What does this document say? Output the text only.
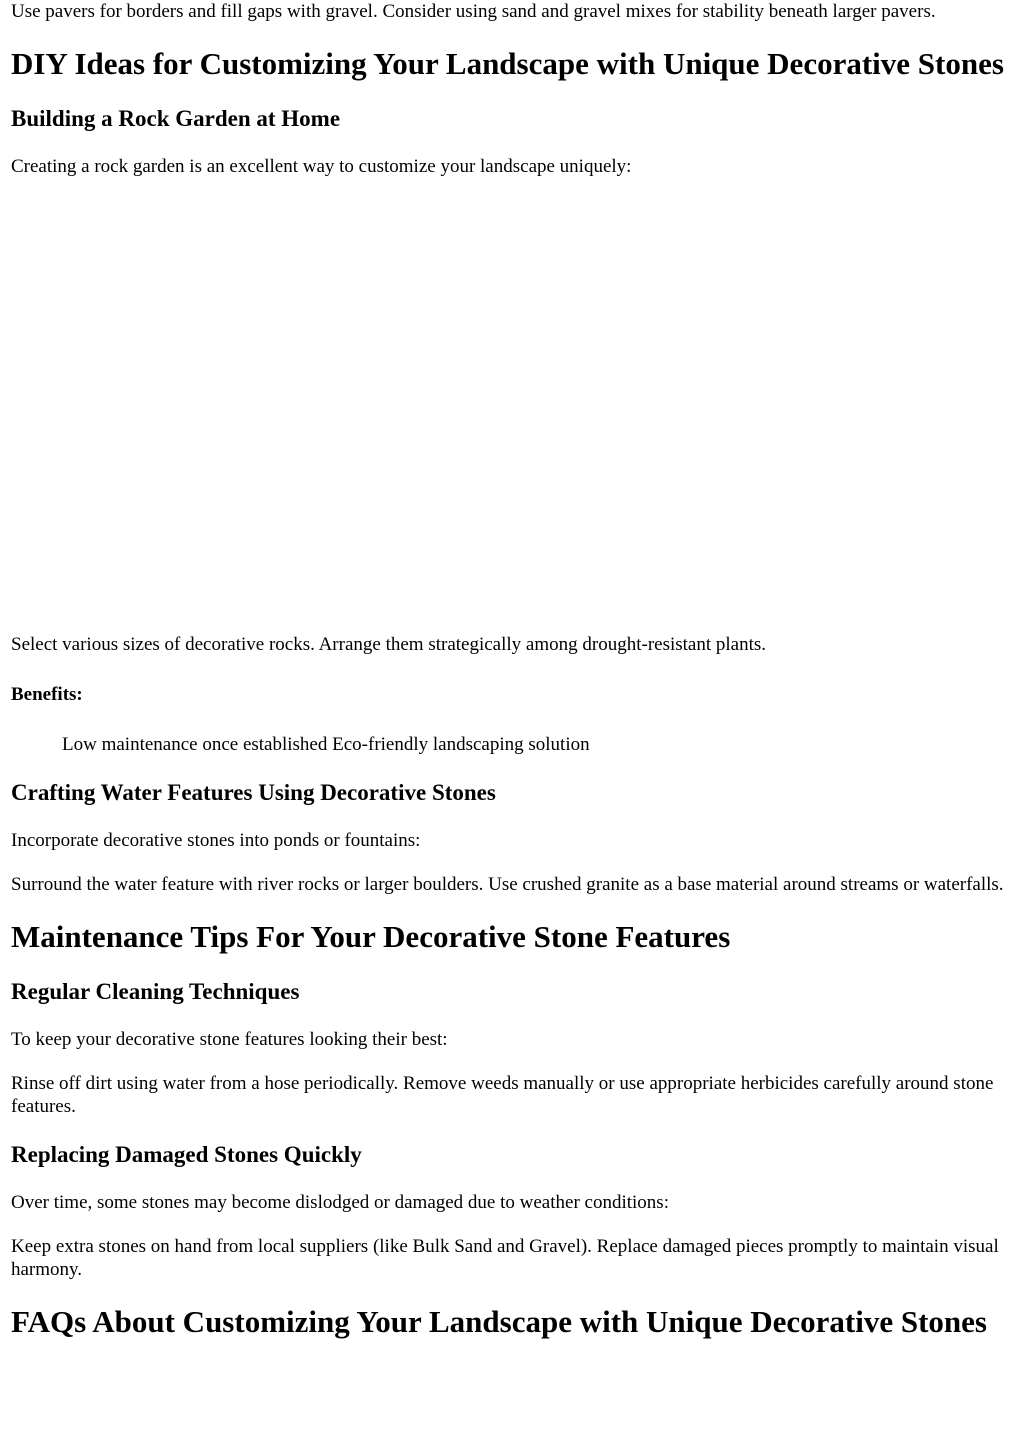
Use pavers for borders and fill gaps with gravel. Consider using sand and gravel mixes for stability beneath larger pavers.

DIY Ideas for Customizing Your Landscape with Unique Decorative Stones
Building a Rock Garden at Home

Creating a rock garden is an excellent way to customize your landscape uniquely:

Select various sizes of decorative rocks. Arrange them strategically among drought-resistant plants.

Benefits:

Low maintenance once established Eco-friendly landscaping solution

Crafting Water Features Using Decorative Stones

Incorporate decorative stones into ponds or fountains:

Surround the water feature with river rocks or larger boulders. Use crushed granite as a base material around streams or waterfalls.

Maintenance Tips For Your Decorative Stone Features
Regular Cleaning Techniques

To keep your decorative stone features looking their best:

Rinse off dirt using water from a hose periodically. Remove weeds manually or use appropriate herbicides carefully around stone features.

Replacing Damaged Stones Quickly

Over time, some stones may become dislodged or damaged due to weather conditions:

Keep extra stones on hand from local suppliers (like Bulk Sand and Gravel). Replace damaged pieces promptly to maintain visual harmony.

FAQs About Customizing Your Landscape with Unique Decorative Stones
